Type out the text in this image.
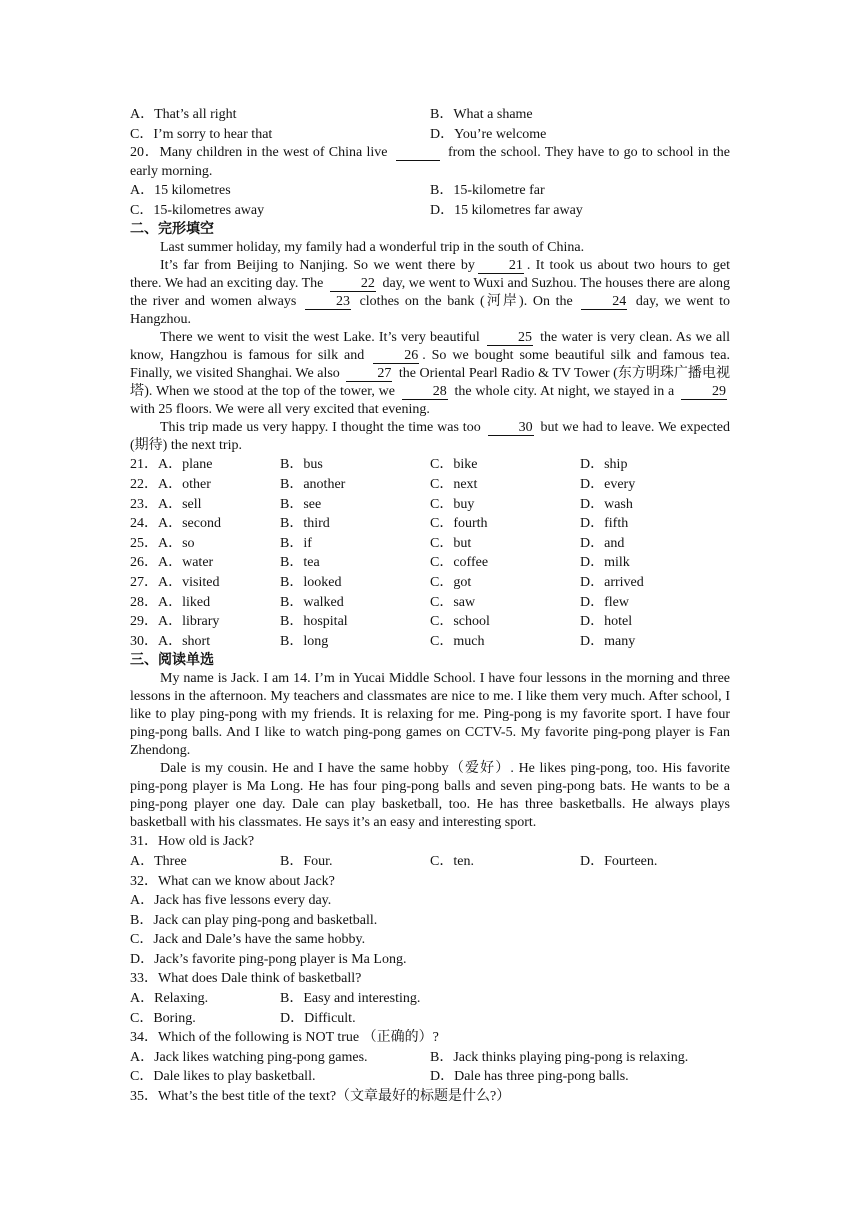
A．That’s all right	B．What a shame
C．I’m sorry to hear that	D．You’re welcome

20．Many children in the west of China live	from the school. They have to go to school in the early morning.

A．15 kilometres	B．15-kilometre far
C．15-kilometres away	D．15 kilometres far away
二、完形填空

Last summer holiday, my family had a wonderful trip in the south of China.

It’s far from Beijing to Nanjing. So we went there by 21 . It took us about two hours to get there. We had an exciting day. The	22 day, we went to Wuxi and Suzhou. The houses there are along the river and women always	23 clothes on the bank (河岸). On the	24 day, we went to Hangzhou.

There we went to visit the west Lake. It’s very beautiful	25 the water is very clean. As we all know, Hangzhou is famous for silk and	26 . So we bought some beautiful silk and famous tea. Finally, we visited Shanghai. We also	27 the Oriental Pearl Radio & TV Tower (东方明珠广播电视塔). When we stood at the top of the tower, we	28 the whole city. At night, we stayed in a	29 with 25 floors. We were all very excited that evening.

This trip made us very happy. I thought the time was too	30 but we had to leave. We expected (期待) the next trip.

21．A．plane	B．bus	C．bike	D．ship
22．A．other	B．another	C．next	D．every
23．A．sell	B．see	C．buy	D．wash
24．A．second	B．third	C．fourth	D．fifth
25．A．so	B．if	C．but	D．and
26．A．water	B．tea	C．coffee	D．milk
27．A．visited	B．looked	C．got	D．arrived
28．A．liked	B．walked	C．saw	D．flew
29．A．library	B．hospital	C．school	D．hotel
30．A．short	B．long	C．much	D．many
三、阅读单选

My name is Jack. I am 14. I’m in Yucai Middle School. I have four lessons in the morning and three lessons in the afternoon. My teachers and classmates are nice to me. I like them very much. After school, I like to play ping-pong with my friends. It is relaxing for me. Ping-pong is my favorite sport. I have four ping-pong balls. And I like to watch ping-pong games on CCTV-5. My favorite ping-pong player is Fan Zhendong.

Dale is my cousin. He and I have the same hobby（爱好）. He likes ping-pong, too. His favorite ping-pong player is Ma Long. He has four ping-pong balls and seven ping-pong bats. He wants to be a ping-pong player one day. Dale can play basketball, too. He has three basketballs. He always plays basketball with his classmates. He says it’s an easy and interesting sport.

31．How old is Jack?
A．Three	B．Four.	C．ten.	D．Fourteen.
32．What can we know about Jack?
A．Jack has five lessons every day.
B．Jack can play ping-pong and basketball.
C．Jack and Dale’s have the same hobby.
D．Jack’s favorite ping-pong player is Ma Long.
33．What does Dale think of basketball?
A．Relaxing.	B．Easy and interesting.
C．Boring.	D．Difficult.
34．Which of the following is NOT true （正确的）?
A．Jack likes watching ping-pong games.	B．Jack thinks playing ping-pong is relaxing.
C．Dale likes to play basketball.	D．Dale has three ping-pong balls.
35．What’s the best title of the text?（文章最好的标题是什么?）
